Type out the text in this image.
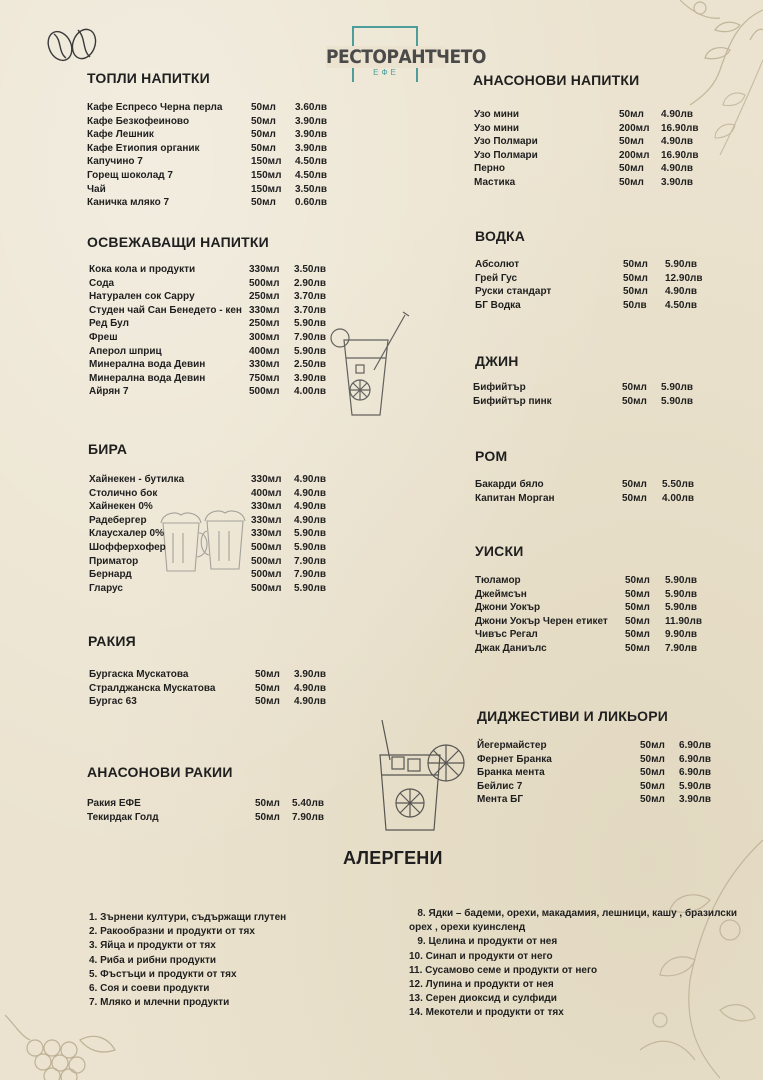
РЕСТОРАНТЧЕТО
ЕФЕ
ТОПЛИ НАПИТКИ
Кафе Еспресо Черна перла	50мл 3.60лв
Кафе Безкофеиново	50мл 3.90лв
Кафе Лешник	50мл 3.90лв
Кафе Етиопия органик	50мл 3.90лв
Капучино 7	150мл 4.50лв
Горещ шоколад 7	150мл 4.50лв
Чай	150мл 3.50лв
Каничка мляко 7	50мл 0.60лв
ОСВЕЖАВАЩИ НАПИТКИ
Кока кола и продукти	330мл 3.50лв
Сода	500мл 2.90лв
Натурален сок Cappy	250мл 3.70лв
Студен чай Сан Бенедето - кен 330мл 3.70лв
Ред Бул	250мл 5.90лв
Фреш	300мл 7.90лв
Аперол шприц	400мл 5.90лв
Минерална вода Девин	330мл 2.50лв
Минерална вода Девин	750мл 3.90лв
Айрян 7	500мл 4.00лв
БИРА
Хайнекен - бутилка	330мл 4.90лв
Столично бок	400мл 4.90лв
Хайнекен 0%	330мл 4.90лв
Радебергер	330мл 4.90лв
Клаусхалер 0%	330мл 5.90лв
Шофферхофер	500мл 5.90лв
Приматор	500мл 7.90лв
Бернард	500мл 7.90лв
Гларус	500мл 5.90лв
РАКИЯ
Бургаска Мускатова	50мл 3.90лв
Стралджанска Мускатова	50мл 4.90лв
Бургас 63	50мл 4.90лв
АНАСОНОВИ РАКИИ
Ракия ЕФЕ	50мл 5.40лв
Текирдак Голд	50мл 7.90лв
АНАСОНОВИ НАПИТКИ
Узо мини	50мл 4.90лв
Узо мини	200мл 16.90лв
Узо Полмари	50мл 4.90лв
Узо Полмари	200мл 16.90лв
Перно	50мл 4.90лв
Мастика	50мл 3.90лв
ВОДКА
Абсолют	50мл 5.90лв
Грей Гус	50мл 12.90лв
Руски стандарт	50мл 4.90лв
БГ Водка	50лв 4.50лв
ДЖИН
Бифийтър	50мл 5.90лв
Бифийтър пинк	50мл 5.90лв
РОМ
Бакарди бяло	50мл 5.50лв
Капитан Морган	50мл 4.00лв
УИСКИ
Тюламор	50мл 5.90лв
Джеймсън	50мл 5.90лв
Джони Уокър	50мл 5.90лв
Джони Уокър Черен етикет 50мл 11.90лв
Чивъс Регал	50мл 9.90лв
Джак Даниълс	50мл 7.90лв
ДИДЖЕСТИВИ И ЛИКЬОРИ
Йегермайстер	50мл 6.90лв
Фернет Бранка	50мл 6.90лв
Бранка мента	50мл 6.90лв
Бейлис 7	50мл 5.90лв
Мента БГ	50мл 3.90лв
АЛЕРГЕНИ
1. Зърнени култури, съдържащи глутен
2. Ракообразни и продукти от тях
3. Яйца и продукти от тях
4. Риба и рибни продукти
5. Фъстъци и продукти от тях
6. Соя и соеви продукти
7. Мляко и млечни продукти
8. Ядки – бадеми, орехи, макадамия, лешници, кашу , бразилски
орех , орехи куинсленд
9. Целина и продукти от нея
10. Синап и продукти от него
11. Сусамово семе и продукти от него
12. Лупина и продукти от нея
13. Серен диоксид и сулфиди
14. Мекотели и продукти от тях
